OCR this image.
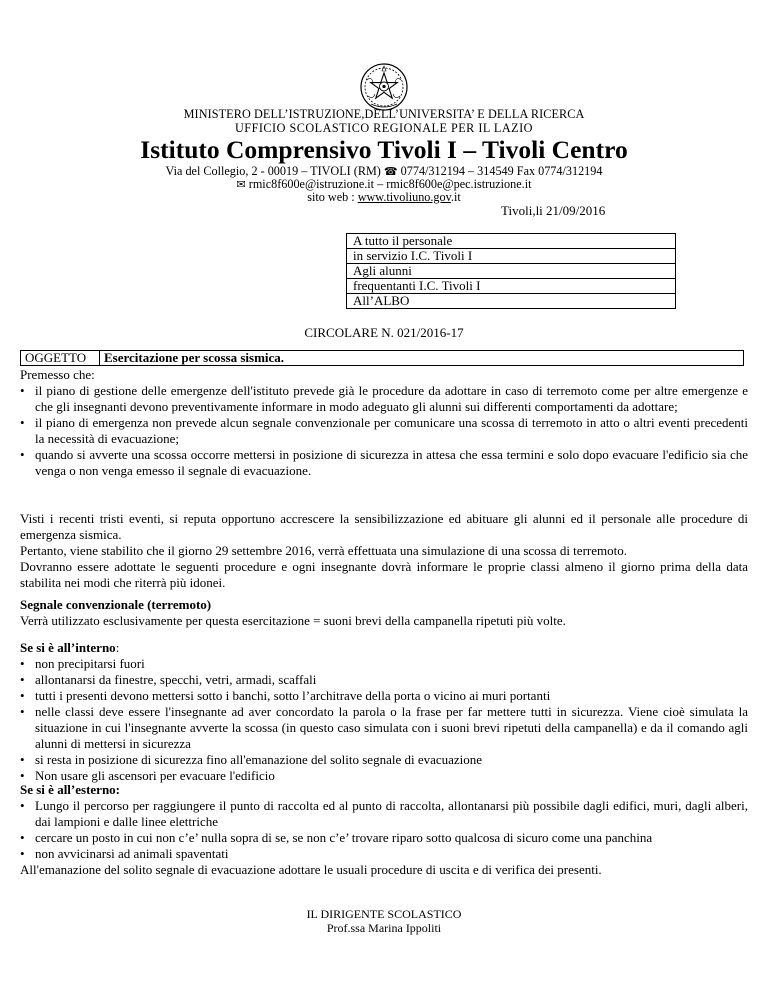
MINISTERO DELL’ISTRUZIONE,DELL’UNIVERSITA’ E DELLA RICERCA
UFFICIO SCOLASTICO REGIONALE PER IL LAZIO
Istituto Comprensivo Tivoli I – Tivoli Centro
Via del Collegio, 2 - 00019 – TIVOLI (RM) ☎ 0774/312194 – 314549 Fax 0774/312194
✉ rmic8f600e@istruzione.it – rmic8f600e@pec.istruzione.it
sito web : www.tivoliuno.gov.it
Tivoli,li 21/09/2016
A tutto il personale
in servizio I.C. Tivoli I
Agli alunni
frequentanti I.C. Tivoli I
All’ALBO
CIRCOLARE N. 021/2016-17
OGGETTO	Esercitazione per scossa sismica.

Premesso che:

• il piano di gestione delle emergenze dell'istituto prevede già le procedure da adottare in caso di terremoto come per altre emergenze e che gli insegnanti devono preventivamente informare in modo adeguato gli alunni sui differenti comportamenti da adottare;
• il piano di emergenza non prevede alcun segnale convenzionale per comunicare una scossa di terremoto in atto o altri eventi precedenti la necessità di evacuazione;
• quando si avverte una scossa occorre mettersi in posizione di sicurezza in attesa che essa termini e solo dopo evacuare l'edificio sia che venga o non venga emesso il segnale di evacuazione.

Visti i recenti tristi eventi, si reputa opportuno accrescere la sensibilizzazione ed abituare gli alunni ed il personale alle procedure di emergenza sismica.

Pertanto, viene stabilito che il giorno 29 settembre 2016, verrà effettuata una simulazione di una scossa di terremoto.

Dovranno essere adottate le seguenti procedure e ogni insegnante dovrà informare le proprie classi almeno il giorno prima della data stabilita nei modi che riterrà più idonei.

Segnale convenzionale (terremoto)

Verrà utilizzato esclusivamente per questa esercitazione = suoni brevi della campanella ripetuti più volte.

Se si è all’interno:

• non precipitarsi fuori
• allontanarsi da finestre, specchi, vetri, armadi, scaffali
• tutti i presenti devono mettersi sotto i banchi, sotto l’architrave della porta o vicino ai muri portanti
• nelle classi deve essere l'insegnante ad aver concordato la parola o la frase per far mettere tutti in sicurezza. Viene cioè simulata la situazione in cui l'insegnante avverte la scossa (in questo caso simulata con i suoni brevi ripetuti della campanella) e da il comando agli alunni di mettersi in sicurezza
• si resta in posizione di sicurezza fino all'emanazione del solito segnale di evacuazione
• Non usare gli ascensori per evacuare l'edificio

Se si è all’esterno:

• Lungo il percorso per raggiungere il punto di raccolta ed al punto di raccolta, allontanarsi più possibile dagli edifici, muri, dagli alberi, dai lampioni e dalle linee elettriche
• cercare un posto in cui non c’e’ nulla sopra di se, se non c’e’ trovare riparo sotto qualcosa di sicuro come una panchina
• non avvicinarsi ad animali spaventati

All'emanazione del solito segnale di evacuazione adottare le usuali procedure di uscita e di verifica dei presenti.

IL DIRIGENTE SCOLASTICO
Prof.ssa Marina Ippoliti
